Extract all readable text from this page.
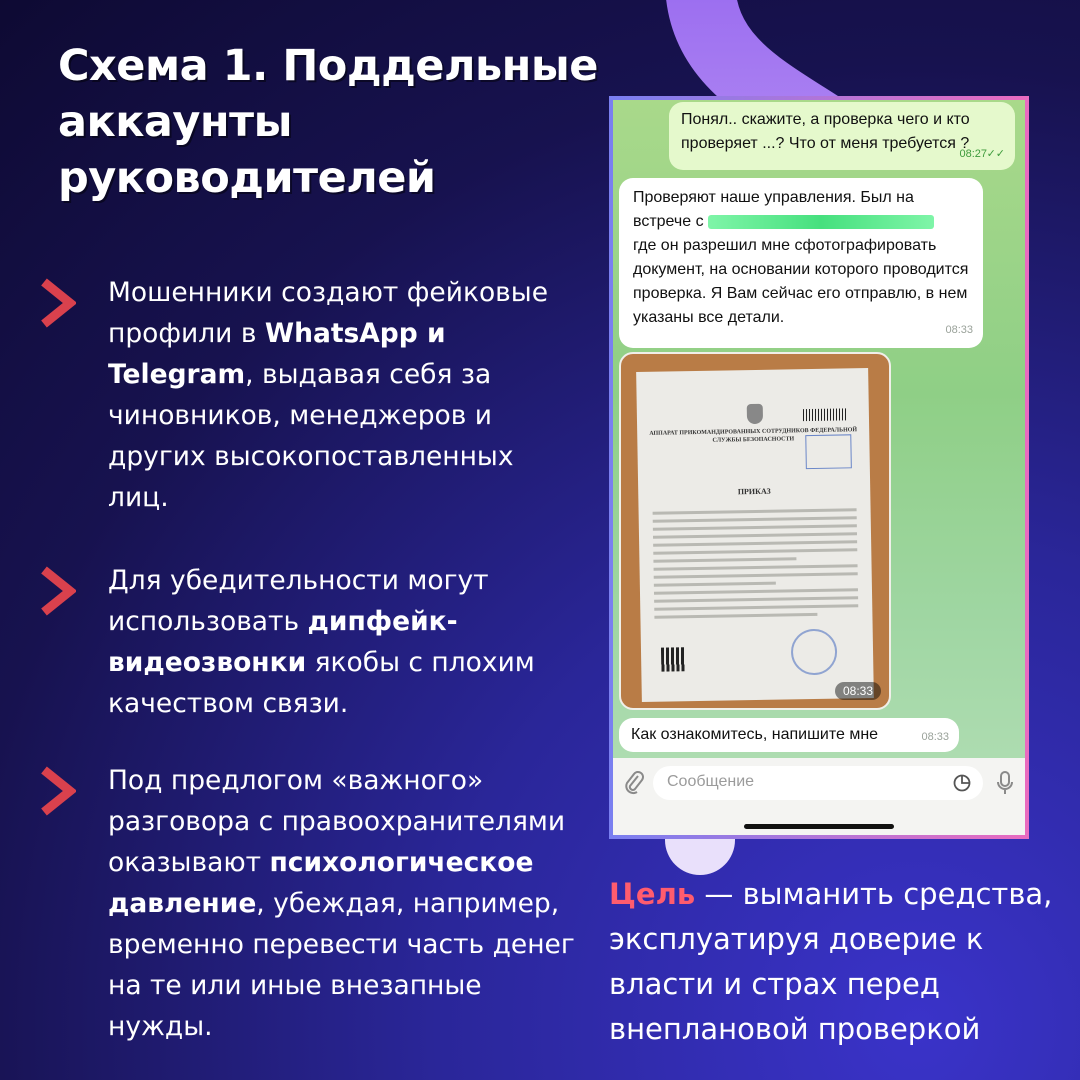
Схема 1. Поддельные аккаунты руководителей
Мошенники создают фейковые профили в WhatsApp и Telegram, выдавая себя за чиновников, менеджеров и других высокопоставленных лиц.
Для убедительности могут использовать дипфейк-видеозвонки якобы с плохим качеством связи.
Под предлогом «важного» разговора с правоохранителями оказывают психологическое давление, убеждая, например, временно перевести часть денег на те или иные внезапные нужды.
Понял.. скажите, а проверка чего и кто проверяет ...? Что от меня требуется ?
08:27 ✓✓
Проверяют наше управления. Был на встрече с
где он разрешил мне сфотографировать документ, на основании которого проводится проверка. Я Вам сейчас его отправлю, в нем указаны все детали.
08:33
АППАРАТ ПРИКОМАНДИРОВАННЫХ СОТРУДНИКОВ ФЕДЕРАЛЬНОЙ СЛУЖБЫ БЕЗОПАСНОСТИ
ПРИКАЗ
08:33
Как ознакомитесь, напишите мне	08:33
Сообщение
Цель — выманить средства, эксплуатируя доверие к власти и страх перед внеплановой проверкой
